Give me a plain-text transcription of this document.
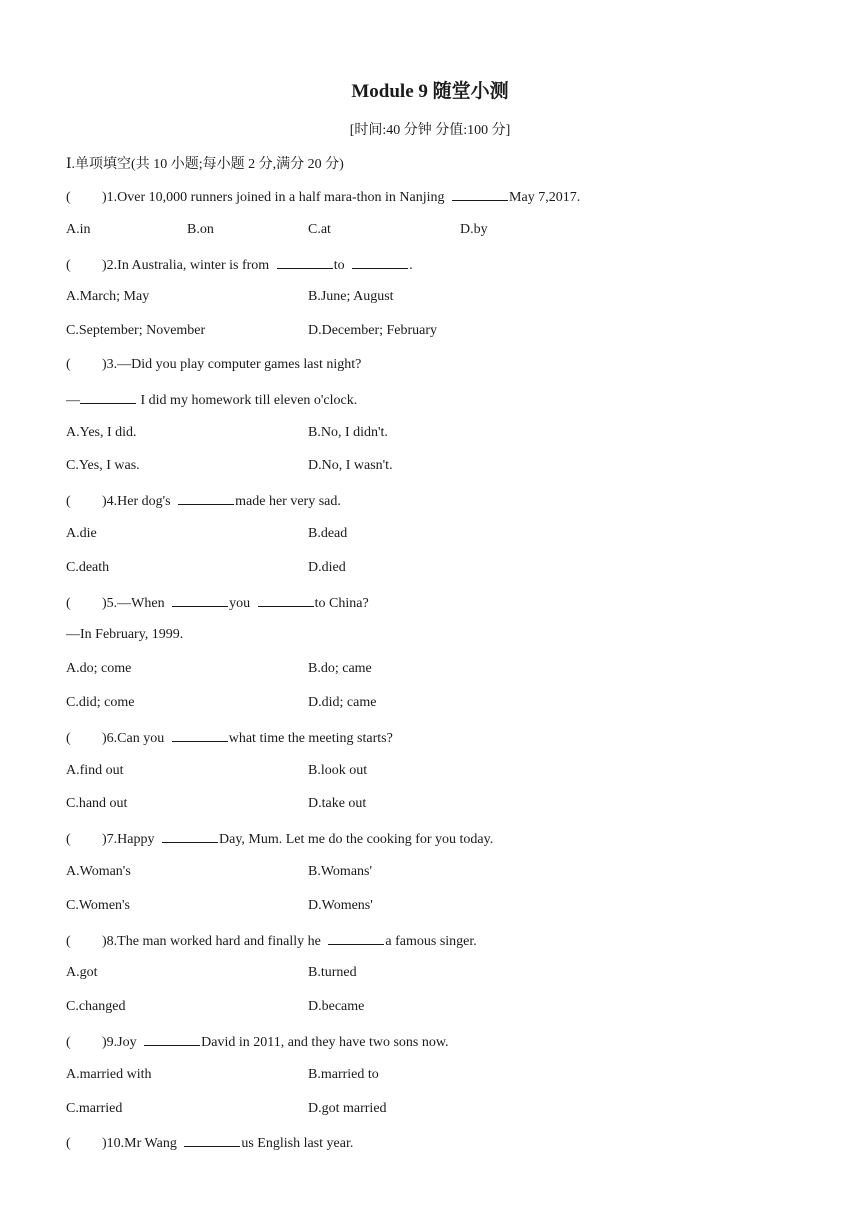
Module 9 随堂小测
[时间:40 分钟 分值:100 分]
Ⅰ.单项填空(共 10 小题;每小题 2 分,满分 20 分)
( )1.Over 10,000 runners joined in a half mara-thon in Nanjing	May 7,2017.
A.in	B.on	C.at	D.by
( )2.In Australia, winter is from	to	.
A.March; May	B.June; August
C.September; November	D.December; February
( )3.—Did you play computer games last night?
—	I did my homework till eleven o'clock.
A.Yes, I did.	B.No, I didn't.
C.Yes, I was.	D.No, I wasn't.
( )4.Her dog's	made her very sad.
A.die	B.dead
C.death	D.died
( )5.—When	you	to China?
—In February, 1999.
A.do; come	B.do; came
C.did; come	D.did; came
( )6.Can you	what time the meeting starts?
A.find out	B.look out
C.hand out	D.take out
( )7.Happy	Day, Mum. Let me do the cooking for you today.
A.Woman's	B.Womans'
C.Women's	D.Womens'
( )8.The man worked hard and finally he	a famous singer.
A.got	B.turned
C.changed	D.became
( )9.Joy	David in 2011, and they have two sons now.
A.married with	B.married to
C.married	D.got married
( )10.Mr Wang	us English last year.
